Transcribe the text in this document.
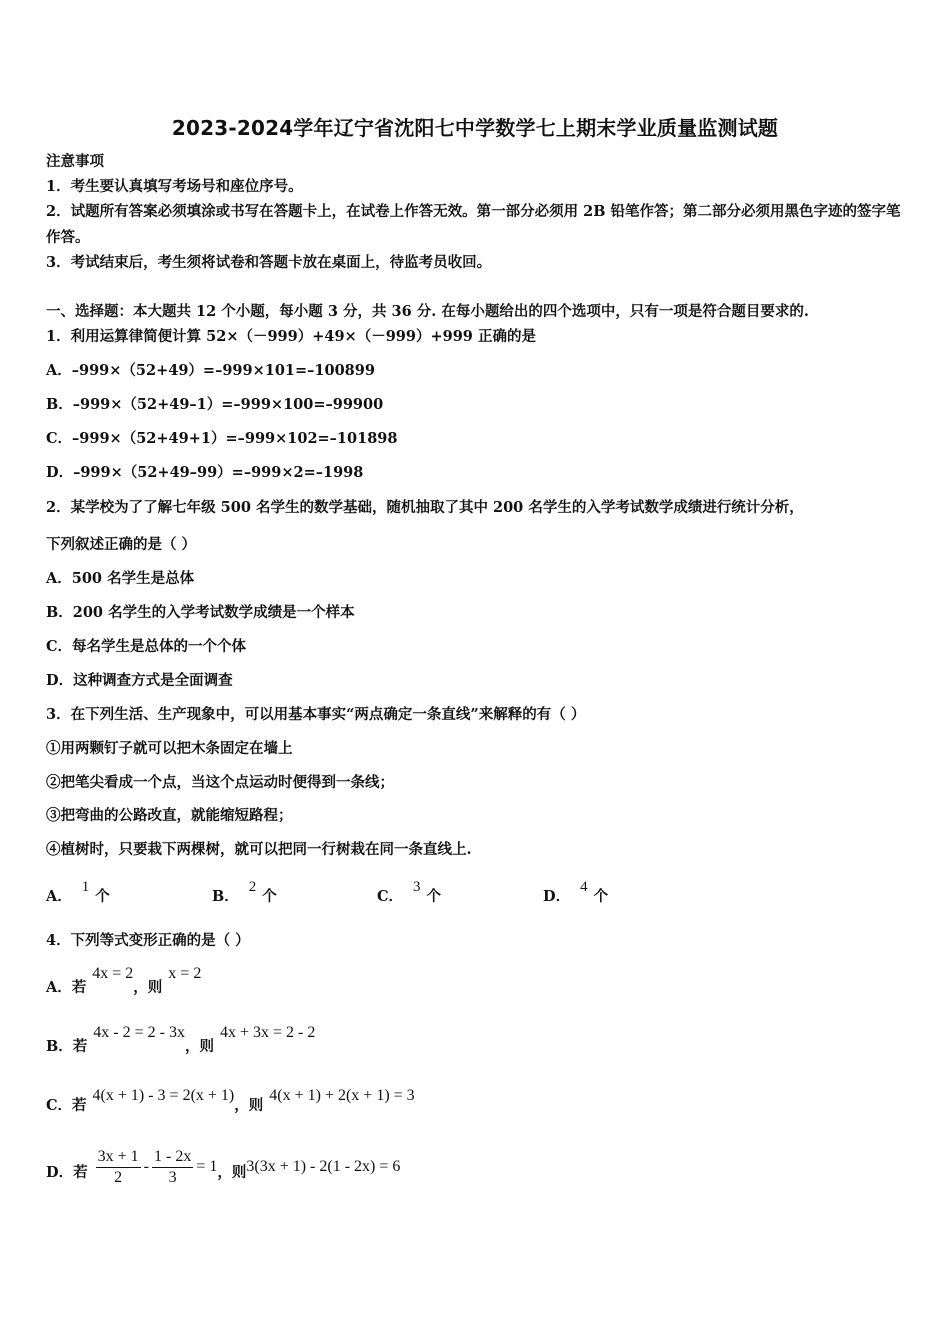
2023-2024学年辽宁省沈阳七中学数学七上期末学业质量监测试题
注意事项
1．考生要认真填写考场号和座位序号。
2．试题所有答案必须填涂或书写在答题卡上，在试卷上作答无效。第一部分必须用 2B 铅笔作答；第二部分必须用黑色字迹的签字笔作答。
3．考试结束后，考生须将试卷和答题卡放在桌面上，待监考员收回。
一、选择题：本大题共 12 个小题，每小题 3 分，共 36 分. 在每小题给出的四个选项中，只有一项是符合题目要求的.
1．利用运算律简便计算 52×（－999）+49×（－999）+999 正确的是
A．–999×（52+49）=–999×101=–100899
B．–999×（52+49–1）=–999×100=–99900
C．–999×（52+49+1）=–999×102=–101898
D．–999×（52+49–99）=–999×2=–1998
2．某学校为了了解七年级 500 名学生的数学基础，随机抽取了其中 200 名学生的入学考试数学成绩进行统计分析，
下列叙述正确的是（ ）
A．500 名学生是总体
B．200 名学生的入学考试数学成绩是一个样本
C．每名学生是总体的一个个体
D．这种调查方式是全面调查
3．在下列生活、生产现象中，可以用基本事实“两点确定一条直线”来解释的有（ ）
①用两颗钉子就可以把木条固定在墙上
②把笔尖看成一个点，当这个点运动时便得到一条线；
③把弯曲的公路改直，就能缩短路程；
④植树时，只要栽下两棵树，就可以把同一行树栽在同一条直线上.
A．1个	B．2个	C．3个	D．4个
4．下列等式变形正确的是（ ）
A．若4x = 2，则x = 2
B．若4x - 2 = 2 - 3x，则4x + 3x = 2 - 2
C．若4(x + 1) - 3 = 2(x + 1)，则4(x + 1) + 2(x + 1) = 3
D．若 $\frac{3x + 1}{2} - \frac{1 - 2x}{3} = 1$，则3(3x + 1) - 2(1 - 2x) = 6
